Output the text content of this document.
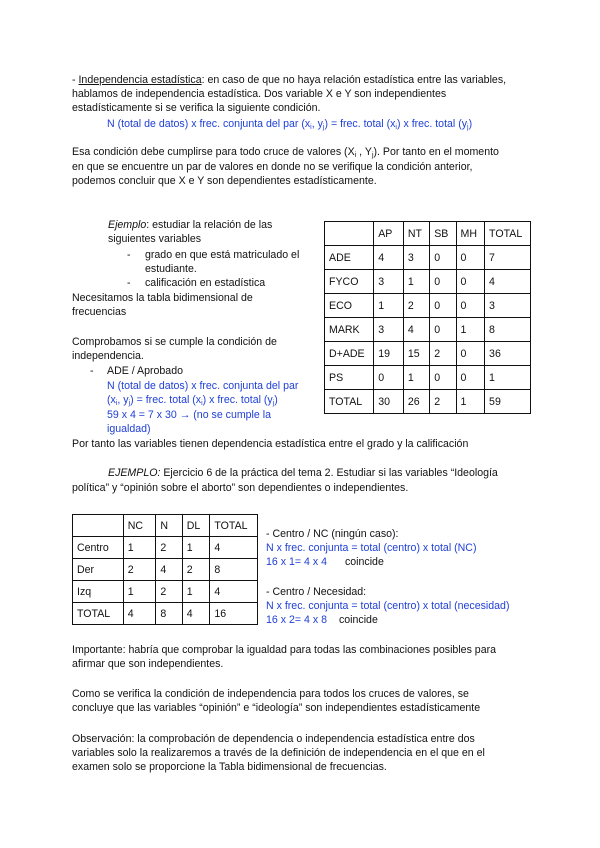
- Independencia estadística: en caso de que no haya relación estadística entre las variables,
hablamos de independencia estadística. Dos variable X e Y son independientes
estadísticamente si se verifica la siguiente condición.
N (total de datos) x frec. conjunta del par ($x_i$, $y_j$) = frec. total $(x_i)$ x frec. total $(y_j)$
Esa condición debe cumplirse para todo cruce de valores ($X_i$ , $Y_j$). Por tanto en el momento
en que se encuentre un par de valores en donde no se verifique la condición anterior,
podemos concluir que X e Y son dependientes estadísticamente.
Ejemplo: estudiar la relación de las
siguientes variables
- grado en que está matriculado el
estudiante.
- calificación en estadística
Necesitamos la tabla bidimensional de
frecuencias
Comprobamos si se cumple la condición de
independencia.
- ADE / Aprobado
N (total de datos) x frec. conjunta del par
($x_i$, $y_j$) = frec. total $(x_i)$ x frec. total $(y_j)$
59 x 4 = 7 x 30 → (no se cumple la
igualdad)
Por tanto las variables tienen dependencia estadística entre el grado y la calificación
	AP	NT	SB	MH	TOTAL
ADE	4	3	0	0	7
FYCO	3	1	0	0	4
ECO	1	2	0	0	3
MARK	3	4	0	1	8
D+ADE	19	15	2	0	36
PS	0	1	0	0	1
TOTAL	30	26	2	1	59
EJEMPLO: Ejercicio 6 de la práctica del tema 2. Estudiar si las variables “Ideología
política” y “opinión sobre el aborto” son dependientes o independientes.
	NC	N	DL	TOTAL
Centro	1	2	1	4
Der	2	4	2	8
Izq	1	2	1	4
TOTAL	4	8	4	16
- Centro / NC (ningún caso):
N x frec. conjunta = total (centro) x total (NC)
16 x 1= 4 x 4 coincide
- Centro / Necesidad:
N x frec. conjunta = total (centro) x total (necesidad)
16 x 2= 4 x 8 coincide
Importante: habría que comprobar la igualdad para todas las combinaciones posibles para
afirmar que son independientes.
Como se verifica la condición de independencia para todos los cruces de valores, se
concluye que las variables “opinión” e “ideología” son independientes estadísticamente
Observación: la comprobación de dependencia o independencia estadística entre dos
variables solo la realizaremos a través de la definición de independencia en el que en el
examen solo se proporcione la Tabla bidimensional de frecuencias.
